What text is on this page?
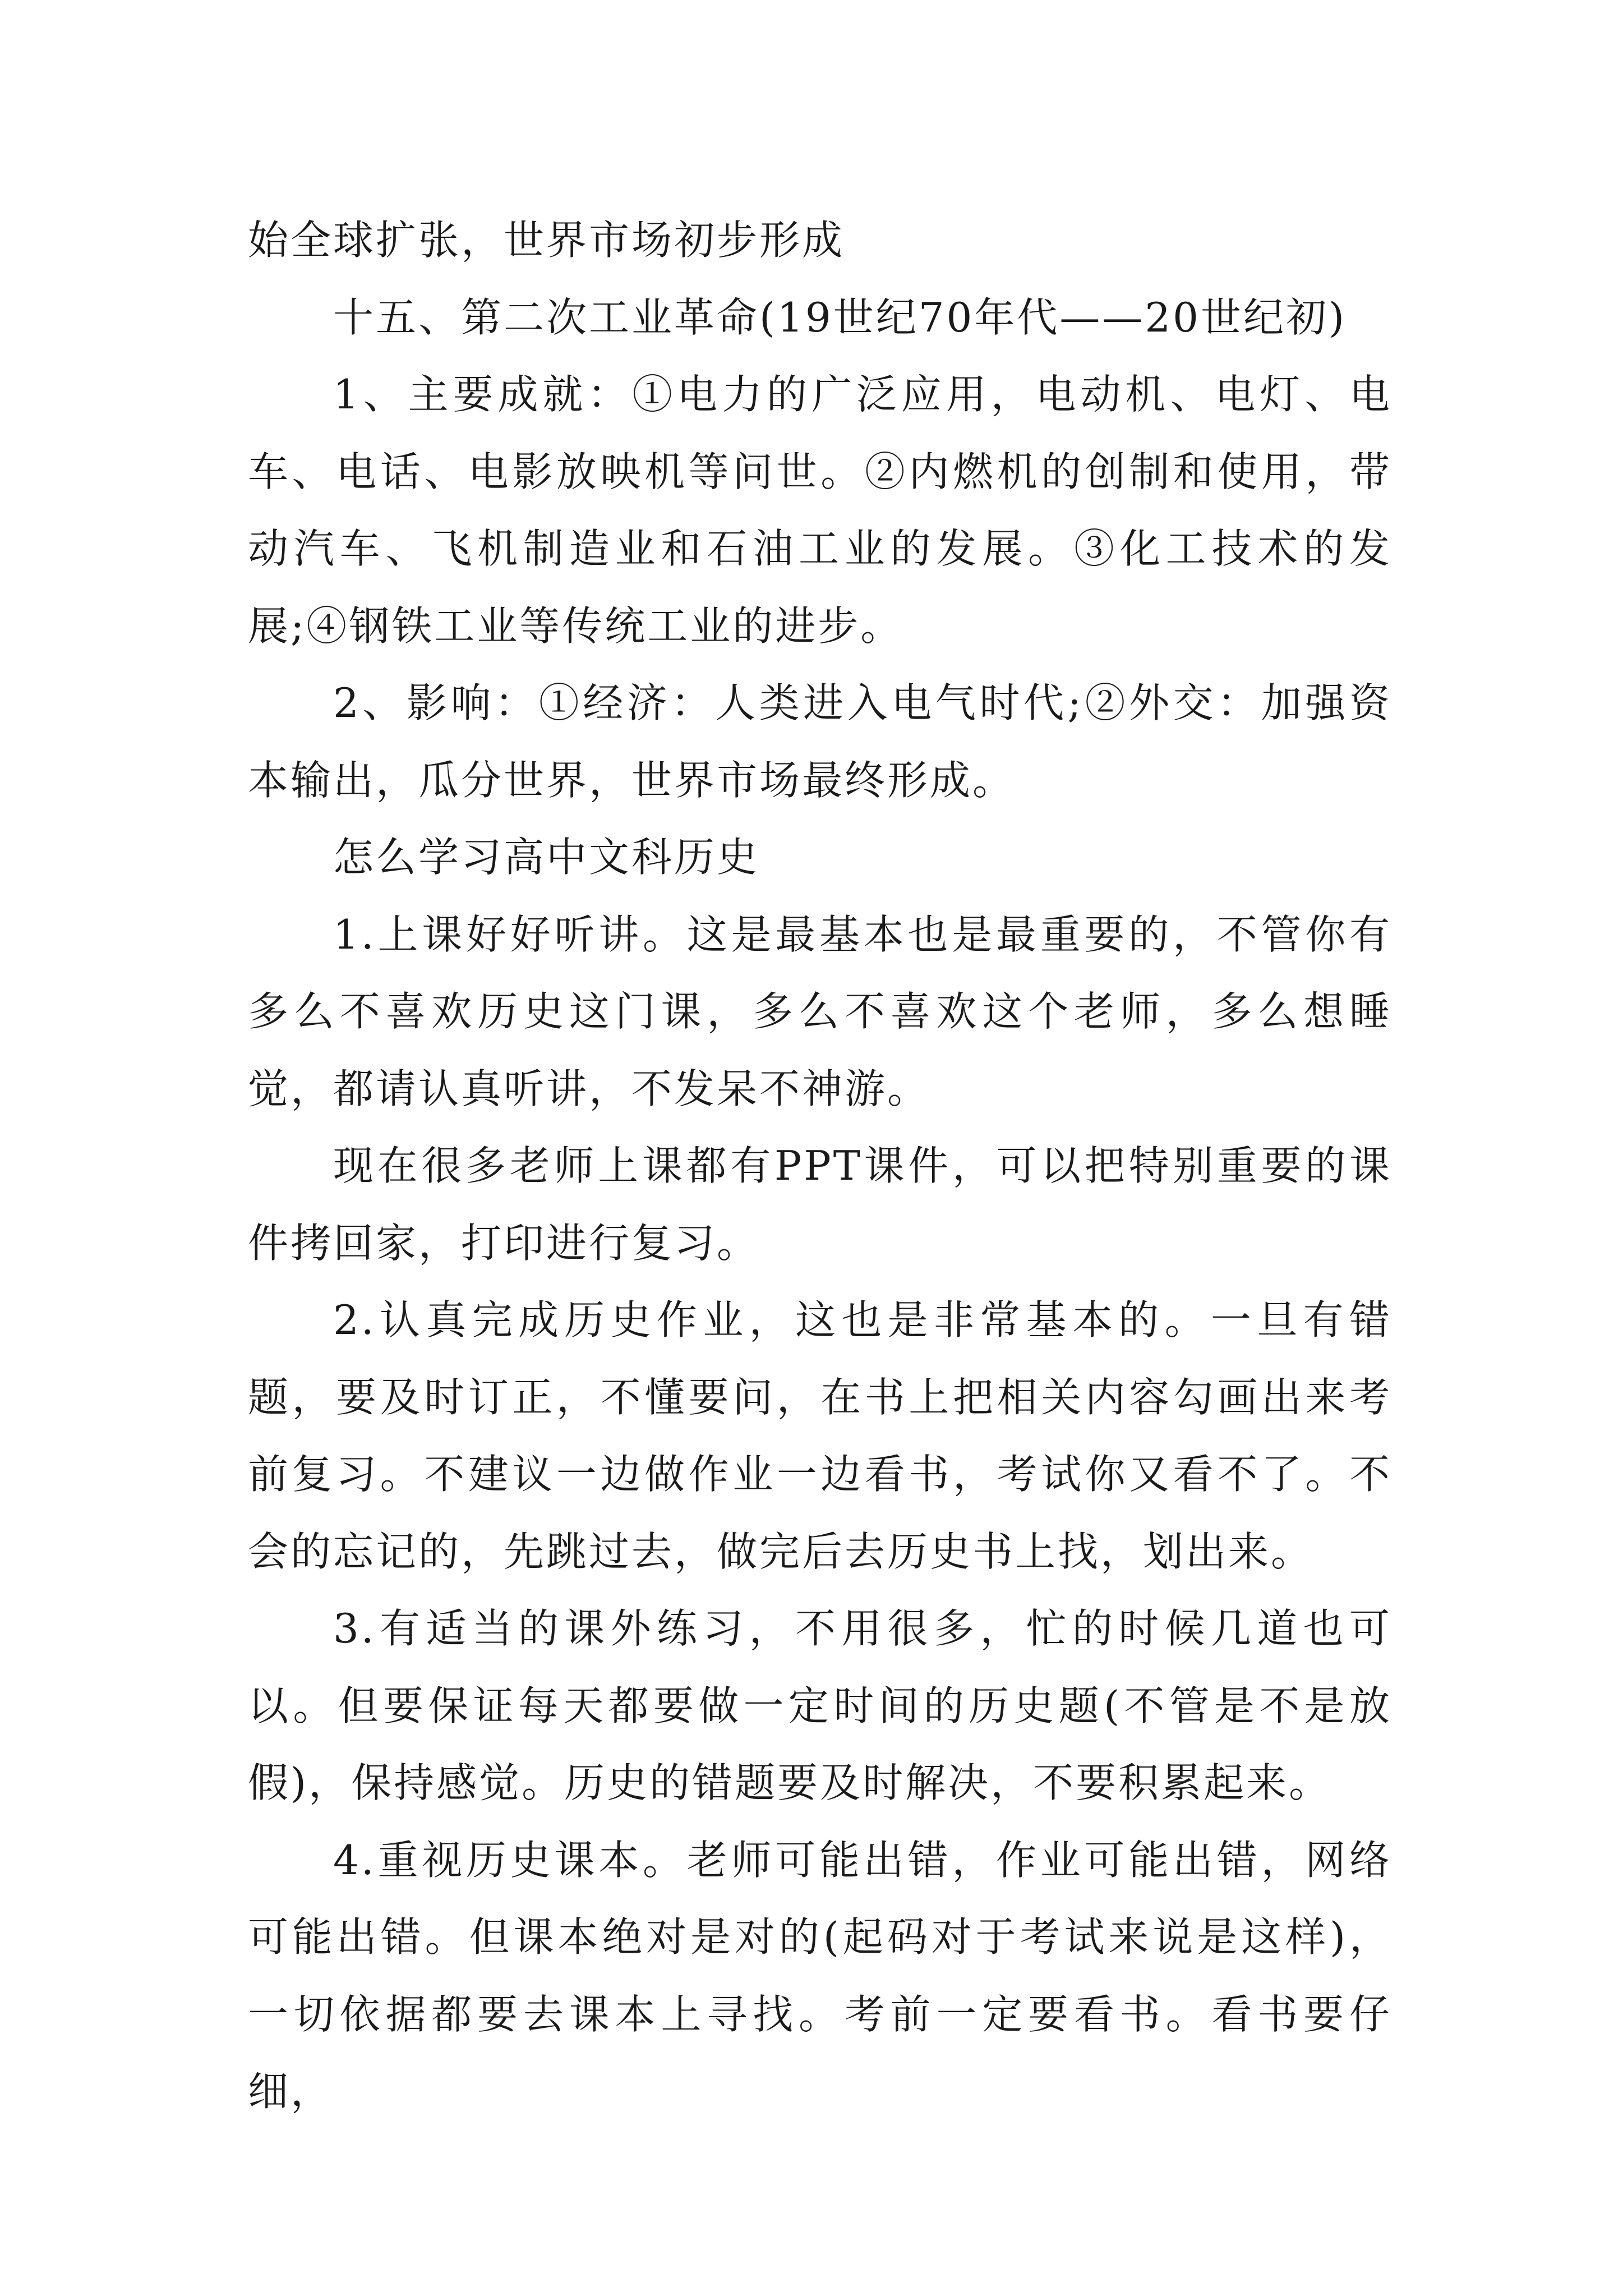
始全球扩张，世界市场初步形成

十五、第二次工业革命(19世纪70年代——20世纪初)

1、主要成就：①电力的广泛应用，电动机、电灯、电车、电话、电影放映机等问世。②内燃机的创制和使用，带动汽车、飞机制造业和石油工业的发展。③化工技术的发展;④钢铁工业等传统工业的进步。

2、影响：①经济：人类进入电气时代;②外交：加强资本输出，瓜分世界，世界市场最终形成。

怎么学习高中文科历史

1.上课好好听讲。这是最基本也是最重要的，不管你有多么不喜欢历史这门课，多么不喜欢这个老师，多么想睡觉，都请认真听讲，不发呆不神游。

现在很多老师上课都有PPT课件，可以把特别重要的课件拷回家，打印进行复习。

2.认真完成历史作业，这也是非常基本的。一旦有错题，要及时订正，不懂要问，在书上把相关内容勾画出来考前复习。不建议一边做作业一边看书，考试你又看不了。不会的忘记的，先跳过去，做完后去历史书上找，划出来。

3.有适当的课外练习，不用很多，忙的时候几道也可以。但要保证每天都要做一定时间的历史题(不管是不是放假)，保持感觉。历史的错题要及时解决，不要积累起来。

4.重视历史课本。老师可能出错，作业可能出错，网络可能出错。但课本绝对是对的(起码对于考试来说是这样)，一切依据都要去课本上寻找。考前一定要看书。看书要仔细，
